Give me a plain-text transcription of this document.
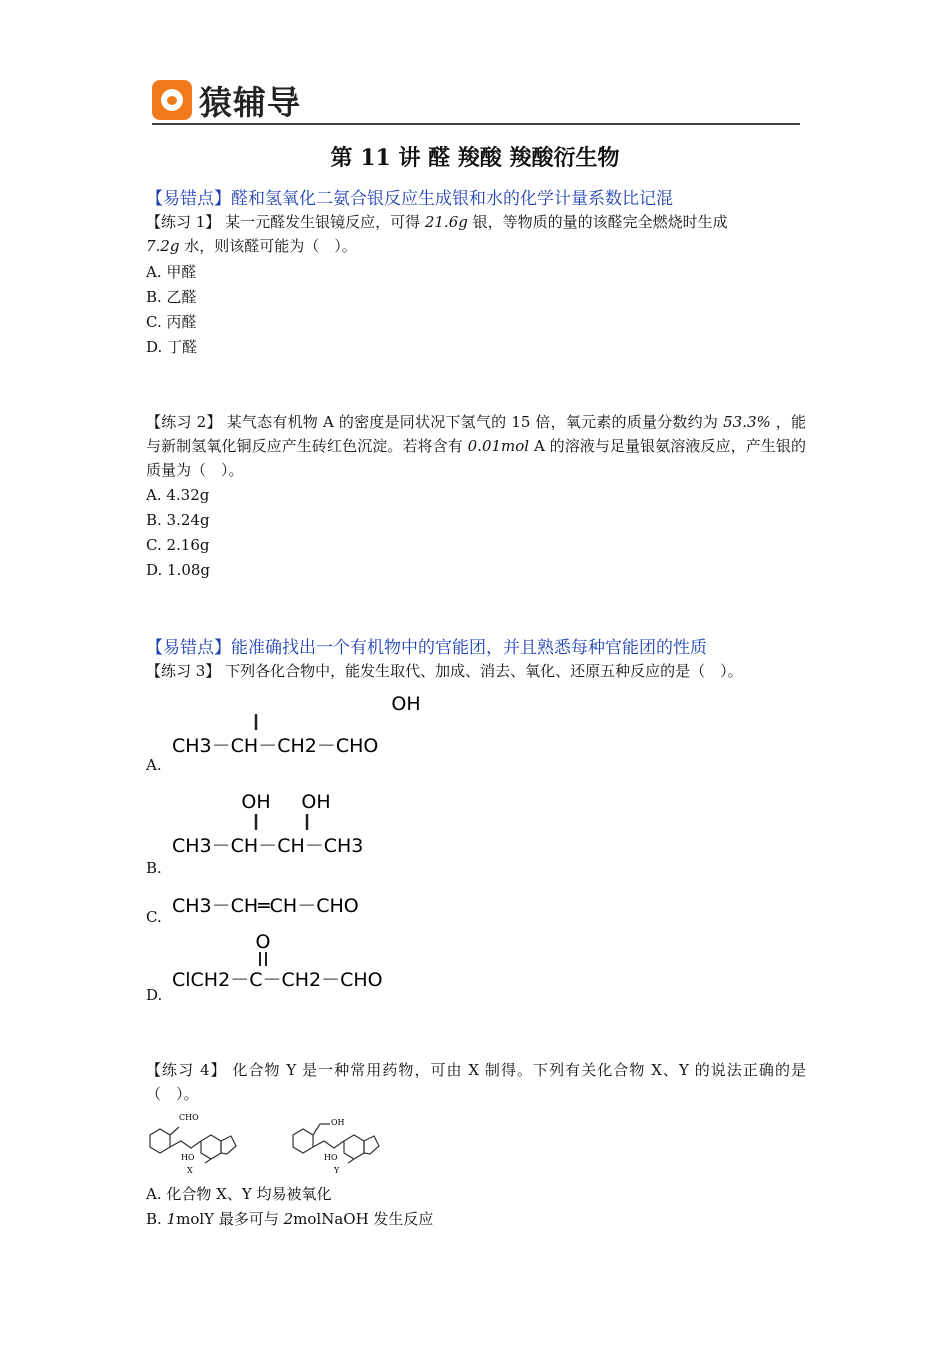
猿辅导
第 11 讲 醛 羧酸 羧酸衍生物
【易错点】醛和氢氧化二氨合银反应生成银和水的化学计量系数比记混
【练习 1】 某一元醛发生银镜反应，可得 21.6g 银，等物质的量的该醛完全燃烧时生成
7.2g 水，则该醛可能为（　）。
A. 甲醛
B. 乙醛
C. 丙醛
D. 丁醛
【练习 2】 某气态有机物 A 的密度是同状况下氢气的 15 倍，氧元素的质量分数约为 53.3% ，能与新制氢氧化铜反应产生砖红色沉淀。若将含有 0.01mol A 的溶液与足量银氨溶液反应，产生银的质量为（　）。
A. 4.32g
B. 3.24g
C. 2.16g
D. 1.08g
【易错点】能准确找出一个有机物中的官能团，并且熟悉每种官能团的性质
【练习 3】 下列各化合物中，能发生取代、加成、消去、氧化、还原五种反应的是（　）。
A.
OH
CH3－CH－CH2－CHO
B.
OH OH
CH3－CH－CH－CH3
C. CH3－CH═CH－CHO
D.
O
ClCH2－C－CH2－CHO
【练习 4】 化合物 Y 是一种常用药物，可由 X 制得。下列有关化合物 X、Y 的说法正确的是（　）。
CHO
HO
X
OH
HO
Y
A. 化合物 X、Y 均易被氧化
B. 1molY 最多可与 2molNaOH 发生反应
